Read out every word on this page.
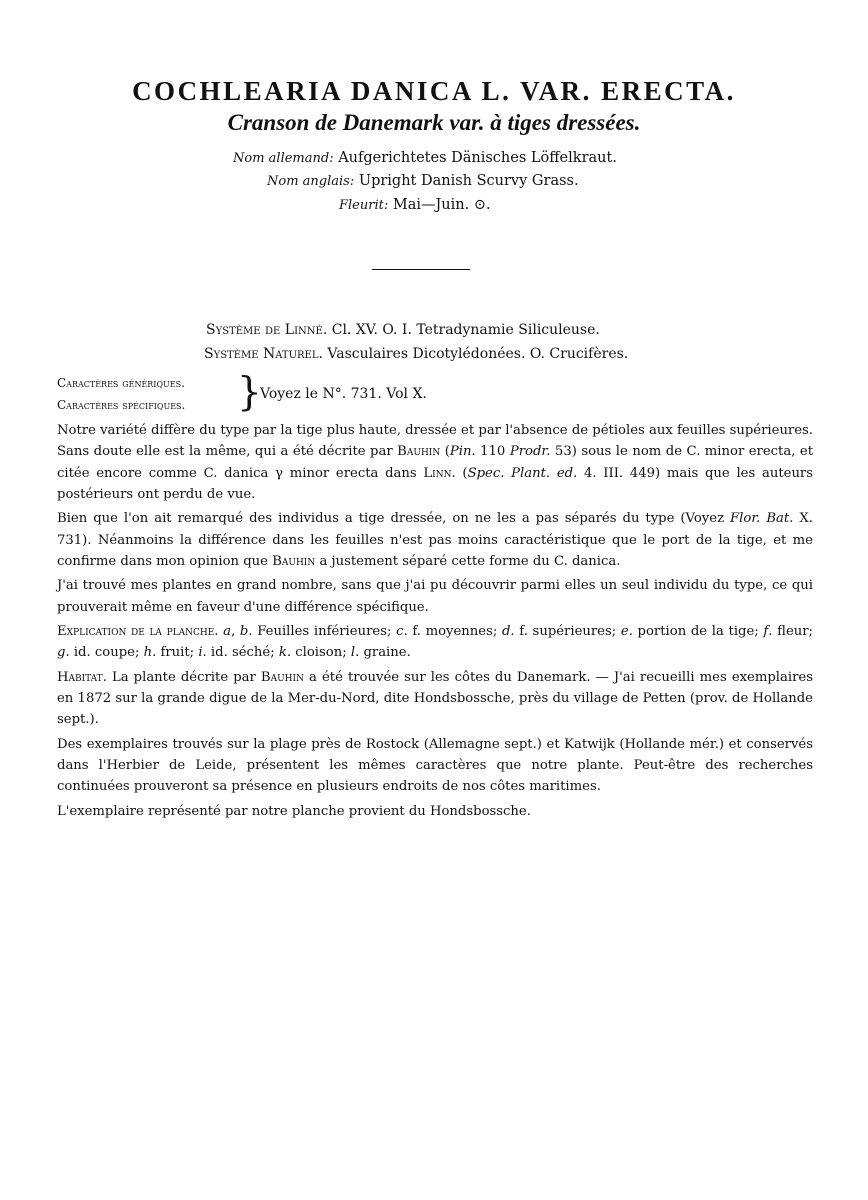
COCHLEARIA DANICA L. VAR. ERECTA.
Cranson de Danemark var. à tiges dressées.
Nom allemand: Aufgerichtetes Dänisches Löffelkraut.
Nom anglais: Upright Danish Scurvy Grass.
Fleurit: Mai—Juin. ⊙.
Système de Linné. Cl. XV. O. I. Tetradynamie Siliculeuse.
Système Naturel. Vasculaires Dicotylédonées. O. Crucifères.
Caractères génériques.
Caractères spécifiques. }
Voyez le N°. 731. Vol X.

Notre variété diffère du type par la tige plus haute, dressée et par l'absence de pétioles aux feuilles supérieures. Sans doute elle est la même, qui a été décrite par Bauhin (Pin. 110 Prodr. 53) sous le nom de C. minor erecta, et citée encore comme C. danica γ minor erecta dans Linn. (Spec. Plant. ed. 4. III. 449) mais que les auteurs postérieurs ont perdu de vue.

Bien que l'on ait remarqué des individus a tige dressée, on ne les a pas séparés du type (Voyez Flor. Bat. X. 731). Néanmoins la différence dans les feuilles n'est pas moins caractéristique que le port de la tige, et me confirme dans mon opinion que Bauhin a justement séparé cette forme du C. danica.

J'ai trouvé mes plantes en grand nombre, sans que j'ai pu découvrir parmi elles un seul individu du type, ce qui prouverait même en faveur d'une différence spécifique.

Explication de la planche. a, b. Feuilles inférieures; c. f. moyennes; d. f. supérieures; e. portion de la tige; f. fleur; g. id. coupe; h. fruit; i. id. séché; k. cloison; l. graine.

Habitat. La plante décrite par Bauhin a été trouvée sur les côtes du Danemark. — J'ai recueilli mes exemplaires en 1872 sur la grande digue de la Mer-du-Nord, dite Hondsbossche, près du village de Petten (prov. de Hollande sept.).

Des exemplaires trouvés sur la plage près de Rostock (Allemagne sept.) et Katwijk (Hollande mér.) et conservés dans l'Herbier de Leide, présentent les mêmes caractères que notre plante. Peut-être des recherches continuées prouveront sa présence en plusieurs endroits de nos côtes maritimes.

L'exemplaire représenté par notre planche provient du Hondsbossche.
